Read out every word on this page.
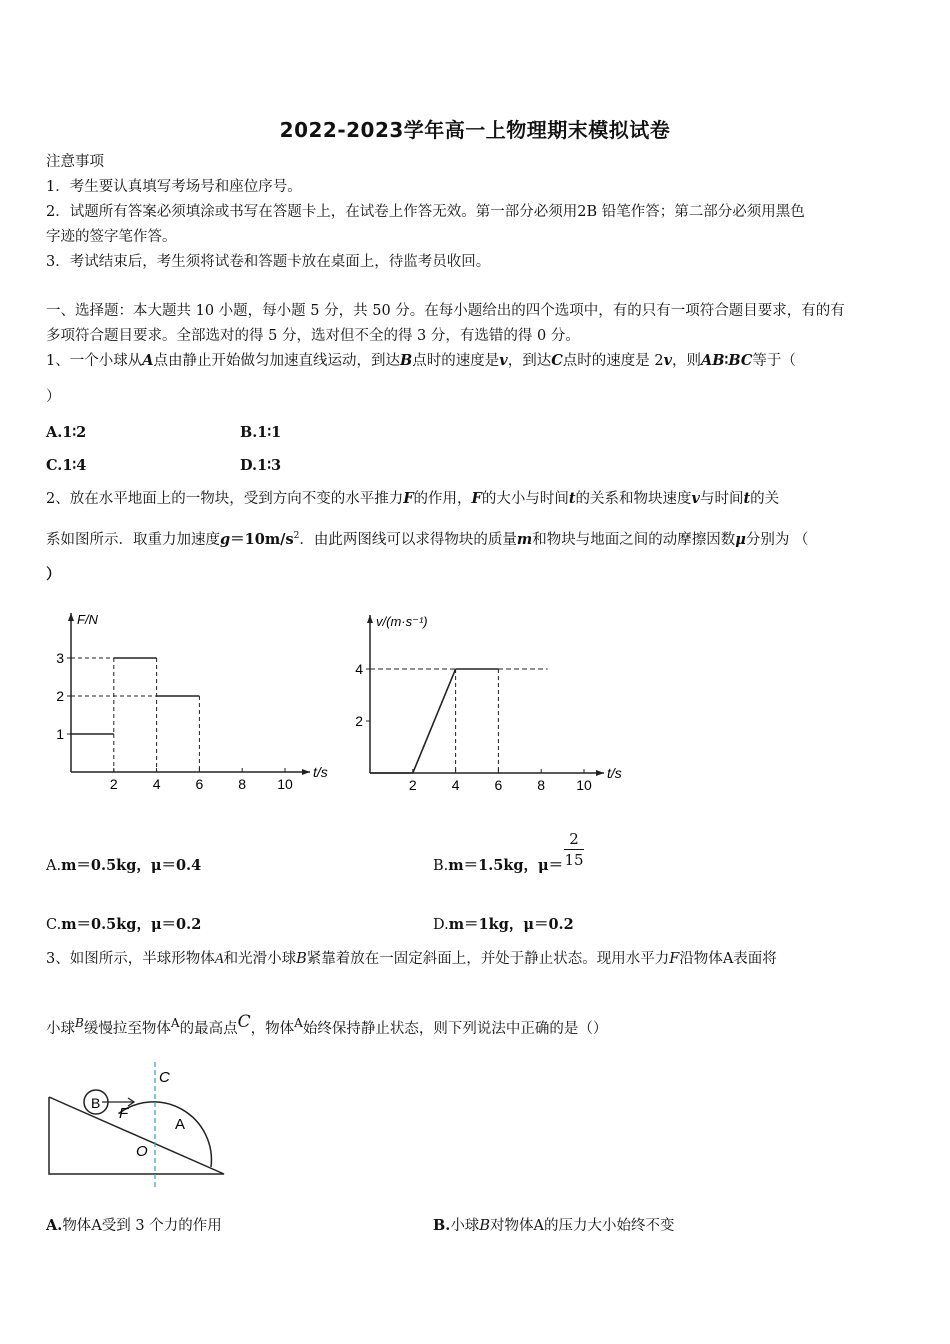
2022-2023学年高一上物理期末模拟试卷
注意事项
1．考生要认真填写考场号和座位序号。
2．试题所有答案必须填涂或书写在答题卡上，在试卷上作答无效。第一部分必须用2B 铅笔作答；第二部分必须用黑色
字迹的签字笔作答。
3．考试结束后，考生须将试卷和答题卡放在桌面上，待监考员收回。
一、选择题：本大题共 10 小题，每小题 5 分，共 50 分。在每小题给出的四个选项中，有的只有一项符合题目要求，有的有
多项符合题目要求。全部选对的得 5 分，选对但不全的得 3 分，有选错的得 0 分。
1、一个小球从A点由静止开始做匀加速直线运动，到达B点时的速度是v，到达C点时的速度是 2v，则AB∶BC等于（
）
A.1∶2	B.1∶1
C.1∶4	D.1∶3
2、放在水平地面上的一物块，受到方向不变的水平推力F的作用，F的大小与时间t的关系和物块速度v与时间t的关
系如图所示．取重力加速度$g=10m/s^2$．由此两图线可以求得物块的质量m和物块与地面之间的动摩擦因数μ分别为 （
）
t/s
F/N
2	4	6	8 10
1
2
3
t/s
v/(m·s⁻¹)
2	4	6	8 10
2
4
A.m＝0.5kg，μ＝0.4	B.m＝1.5kg，$\mu= \frac{2}{15}$
C.m＝0.5kg，μ＝0.2	D.m＝1kg，μ＝0.2
3、如图所示，半球形物体A和光滑小球B紧靠着放在一固定斜面上，并处于静止状态。现用水平力F沿物体A表面将
小球$^B$缓慢拉至物体$^A$的最高点$^C$，物体$^A$始终保持静止状态，则下列说法中正确的是（）
C
B
F
A
O
A.物体A受到 3 个力的作用	B.小球B对物体A的压力大小始终不变
